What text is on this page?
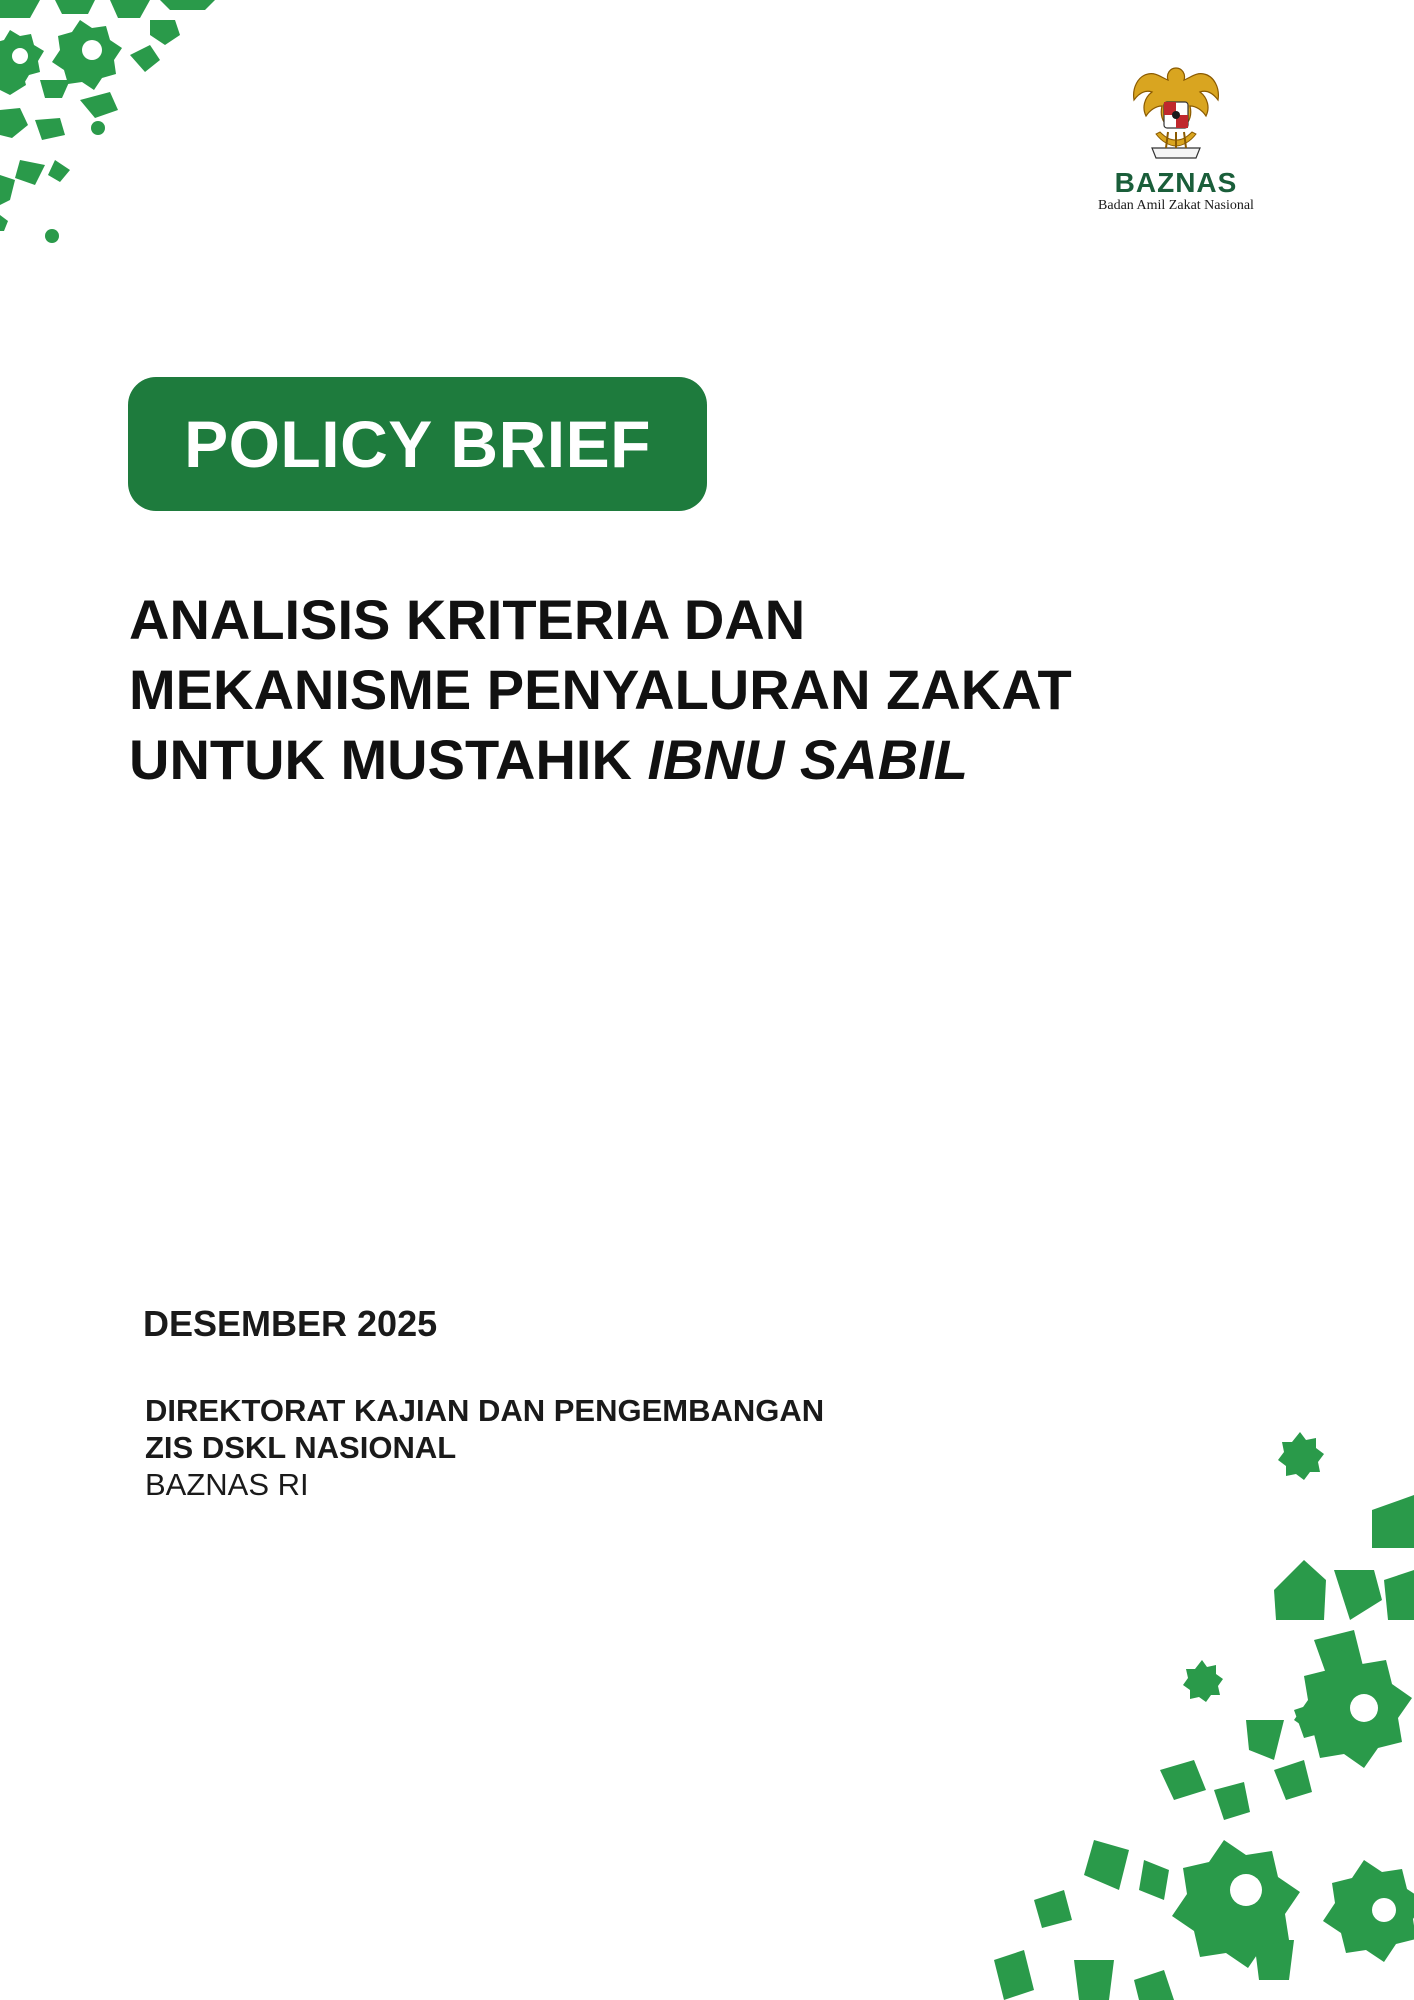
BAZNAS
Badan Amil Zakat Nasional
POLICY BRIEF
ANALISIS KRITERIA DAN
MEKANISME PENYALURAN ZAKAT
UNTUK MUSTAHIK IBNU SABIL
DESEMBER 2025
DIREKTORAT KAJIAN DAN PENGEMBANGAN
ZIS DSKL NASIONAL
BAZNAS RI
